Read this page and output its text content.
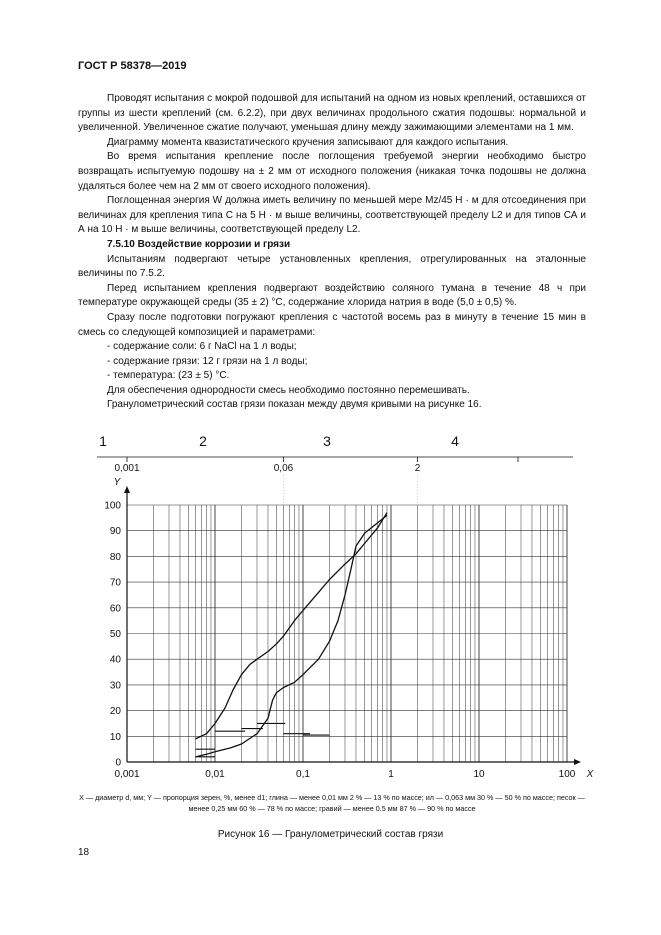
ГОСТ Р 58378—2019

Проводят испытания с мокрой подошвой для испытаний на одном из новых креплений, оставшихся от группы из шести креплений (см. 6.2.2), при двух величинах продольного сжатия подошвы: нормальной и увеличенной. Увеличенное сжатие получают, уменьшая длину между зажимающими элементами на 1 мм.

Диаграмму момента квазистатического кручения записывают для каждого испытания.

Во время испытания крепление после поглощения требуемой энергии необходимо быстро возвращать испытуемую подошву на ± 2 мм от исходного положения (никакая точка подошвы не должна удаляться более чем на 2 мм от своего исходного положения).

Поглощенная энергия W должна иметь величину по меньшей мере Mz/45 Н · м для отсоединения при величинах для крепления типа С на 5 Н · м выше величины, соответствующей пределу L2 и для типов СА и А на 10 Н · м выше величины, соответствующей пределу L2.

7.5.10 Воздействие коррозии и грязи

Испытаниям подвергают четыре установленных крепления, отрегулированных на эталонные величины по 7.5.2.

Перед испытанием крепления подвергают воздействию соляного тумана в течение 48 ч при температуре окружающей среды (35 ± 2) °C, содержание хлорида натрия в воде (5,0 ± 0,5) %.

Сразу после подготовки погружают крепления с частотой восемь раз в минуту в течение 15 мин в смесь со следующей композицией и параметрами:

- содержание соли: 6 г NaCl на 1 л воды;

- содержание грязи: 12 г грязи на 1 л воды;

- температура: (23 ± 5) °C.

Для обеспечения однородности смесь необходимо постоянно перемешивать.

Гранулометрический состав грязи показан между двумя кривыми на рисунке 16.

0,001	0,06	2
1	2	3	4
0
10
20
30
40
50
60
70
80
90
100
0,001	0,01	0,1	1	10	100
Y
X
X — диаметр d, мм; Y — пропорция зерен, %, менее d1; глина — менее 0,01 мм 2 % — 13 % по массе; ил — 0,063 мм 30 % — 50 % по массе; песок — менее 0,25 мм 60 % — 78 % по массе; гравий — менее 0.5 мм 87 % — 90 % по массе
Рисунок 16 — Гранулометрический состав грязи
18
